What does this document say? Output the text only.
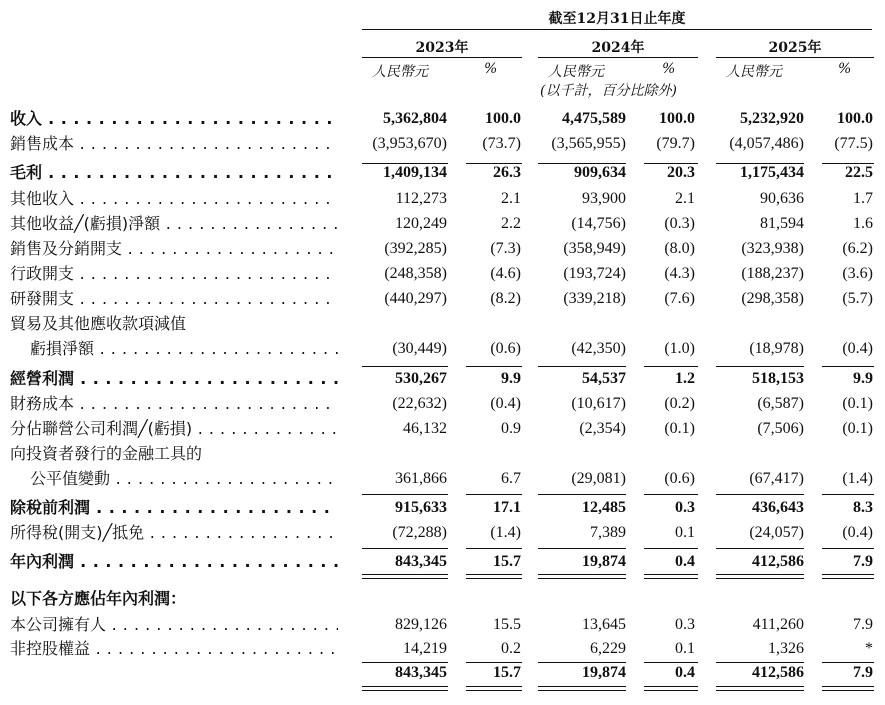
截至12月31日止年度
2023年	2024年	2025年
人民幣元	%	人民幣元	%	人民幣元	%
(以千計，百分比除外)
收入 . . .	5,362,804 100.0	4,475,589 100.0	5,232,920 100.0
銷售成本 . . .	(3,953,670) (73.7) (3,565,955) (79.7) (4,057,486) (77.5)
毛利 . . .	1,409,134	26.3	909,634	20.3	1,175,434	22.5
其他收入 . . .	112,273	2.1	93,900	2.1	90,636	1.7
其他收益╱(虧損)淨額 . . .	120,249	2.2	(14,756) (0.3)	81,594	1.6
銷售及分銷開支 . . .	(392,285)	(7.3)	(358,949) (8.0)	(323,938) (6.2)
行政開支 . . .	(248,358)	(4.6)	(193,724) (4.3)	(188,237) (3.6)
研發開支 . . .	(440,297)	(8.2)	(339,218) (7.6)	(298,358) (5.7)
貿易及其他應收款項減值
虧損淨額 . . .	(30,449)	(0.6)	(42,350) (1.0)	(18,978) (0.4)
經營利潤 . . .	530,267	9.9	54,537	1.2	518,153	9.9
財務成本 . . .	(22,632)	(0.4)	(10,617) (0.2)	(6,587) (0.1)
分佔聯營公司利潤╱(虧損) . . .	46,132	0.9	(2,354) (0.1)	(7,506) (0.1)
向投資者發行的金融工具的
公平值變動 . . .	361,866	6.7	(29,081) (0.6)	(67,417) (1.4)
除稅前利潤 . . .	915,633	17.1	12,485	0.3	436,643	8.3
所得稅(開支)╱抵免 . . .	(72,288)	(1.4)	7,389	0.1	(24,057) (0.4)
年內利潤 . . .	843,345	15.7	19,874	0.4	412,586	7.9
以下各方應佔年內利潤：
本公司擁有人 . . .	829,126	15.5	13,645	0.3	411,260	7.9
非控股權益 . . .	14,219	0.2	6,229	0.1	1,326	*
843,345	15.7	19,874	0.4	412,586	7.9
